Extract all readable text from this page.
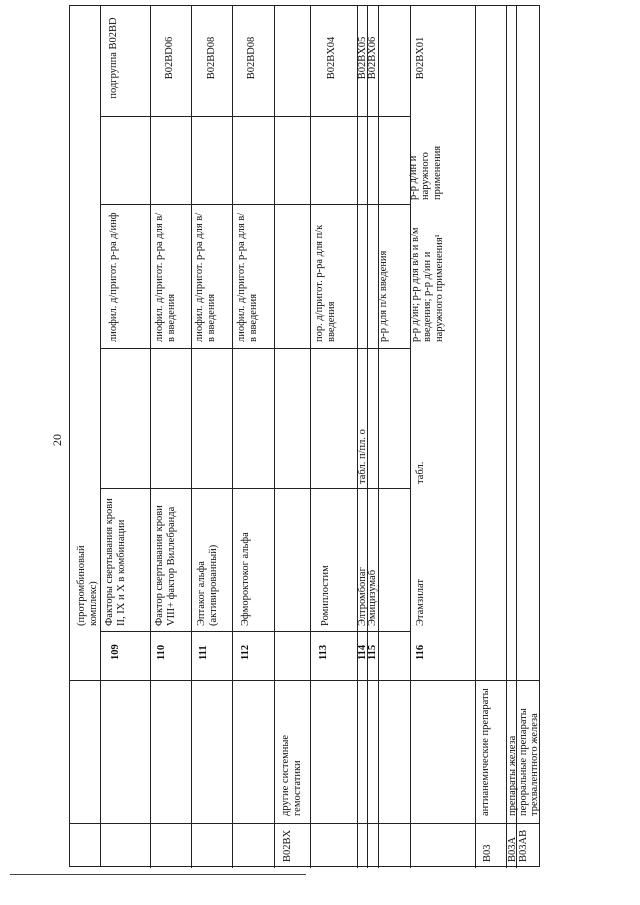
20
(протромбиновый комплекс)
109
Факторы свертывания крови II, IX и X в комбинации
лиофил. д/пригот. р-ра д/инф
подгруппа B02BD
110
Фактор свертывания крови VIII+ фактор Виллебранда
лиофил. д/пригот. р-ра для в/в введения
B02BD06
111
Эптаког альфа (активированный)
лиофил. д/пригот. р-ра для в/в введения
B02BD08
112
Эфмороктоког альфа
лиофил. д/пригот. р-ра для в/в введения
B02BD08
B02BX
другие системные гемостатики
113
Ромиплостим
пор. д/пригот. р-ра для п/к введения
B02BX04
114
Элтромбопаг
табл. п/пл. о
B02BX05
115
Эмицизумаб
р-р для п/к введения
B02BX06
116
Этамзилат
табл.
р-р д/ин; р-р для в/в и в/м введения; р-р д/ин и наружного применения¹
р-р д/ин и наружного применения
B02BX01
B03
антианемические препараты
B03A
препараты железа
B03AB
пероральные препараты трехвалентного железа
